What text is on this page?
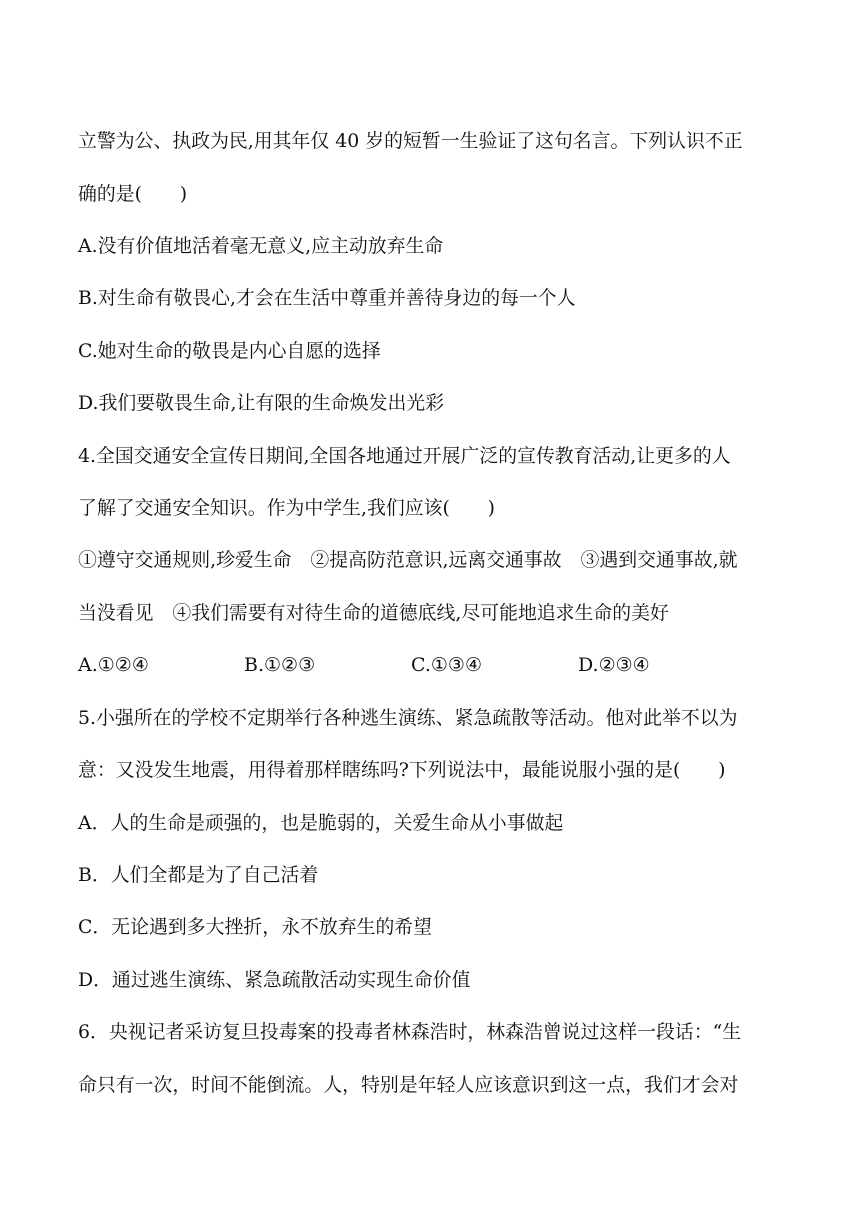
立警为公、执政为民,用其年仅 40 岁的短暂一生验证了这句名言。下列认识不正
确的是(　　)
A.没有价值地活着毫无意义,应主动放弃生命
B.对生命有敬畏心,才会在生活中尊重并善待身边的每一个人
C.她对生命的敬畏是内心自愿的选择
D.我们要敬畏生命,让有限的生命焕发出光彩
4.全国交通安全宣传日期间,全国各地通过开展广泛的宣传教育活动,让更多的人
了解了交通安全知识。作为中学生,我们应该(　　)
①遵守交通规则,珍爱生命　②提高防范意识,远离交通事故　③遇到交通事故,就
当没看见　④我们需要有对待生命的道德底线,尽可能地追求生命的美好
A.①②④	B.①②③	C.①③④	D.②③④
5.小强所在的学校不定期举行各种逃生演练、紧急疏散等活动。他对此举不以为
意：又没发生地震，用得着那样瞎练吗?下列说法中，最能说服小强的是(　　)
A．人的生命是顽强的，也是脆弱的，关爱生命从小事做起
B．人们全都是为了自己活着
C．无论遇到多大挫折，永不放弃生的希望
D．通过逃生演练、紧急疏散活动实现生命价值
6．央视记者采访复旦投毒案的投毒者林森浩时，林森浩曾说过这样一段话：“生
命只有一次，时间不能倒流。人，特别是年轻人应该意识到这一点，我们才会对
